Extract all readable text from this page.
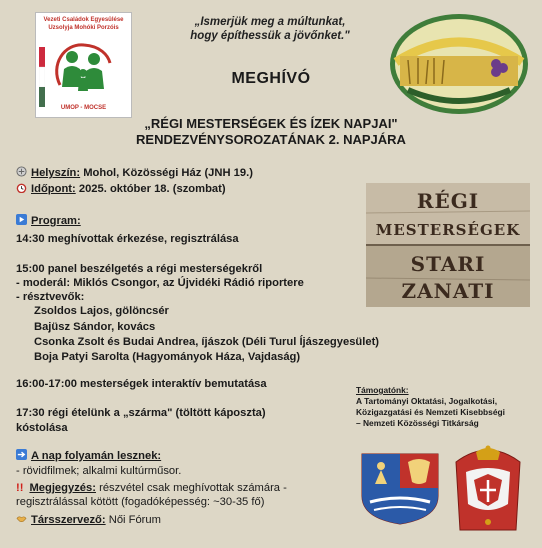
Vezeti Családok Egyesülése
Uzsolyja Mohóki Porzóis
UMOP - MOCSE
„Ismerjük meg a múltunkat,
hogy építhessük a jövőnket."
MEGHÍVÓ
„RÉGI MESTERSÉGEK ÉS ÍZEK NAPJAI"
RENDEZVÉNYSOROZATÁNAK 2. NAPJÁRA
Helyszín: Mohol, Közösségi Ház (JNH 19.)
Időpont: 2025. október 18. (szombat)	RÉGI
MESTERSÉGEK
STARI
ZANATI
Program:
14:30 meghívottak érkezése, regisztrálása
15:00 panel beszélgetés a régi mesterségekről
- moderál: Miklós Csongor, az Újvidéki Rádió riportere
- résztvevők:
Zsoldos Lajos, gölöncsér
Bajüsz Sándor, kovács
Csonka Zsolt és Budai Andrea, íjászok (Déli Turul Íjászegyesület)
Boja Patyi Sarolta (Hagyományok Háza, Vajdaság)
16:00-17:00 mesterségek interaktív bemutatása
17:30 régi ételünk a „szárma" (töltött káposzta)
kóstolása
A nap folyamán lesznek:
- rövidfilmek; alkalmi kultúrműsor.
!! Megjegyzés: részvétel csak meghívottak számára -
regisztrálással kötött (fogadóképesség: ~30-35 fő)
Társszervező: Női Fórum
Támogatónk:
A Tartományi Oktatási, Jogalkotási,
Közigazgatási és Nemzeti Kisebbségi
– Nemzeti Közösségi Titkárság
